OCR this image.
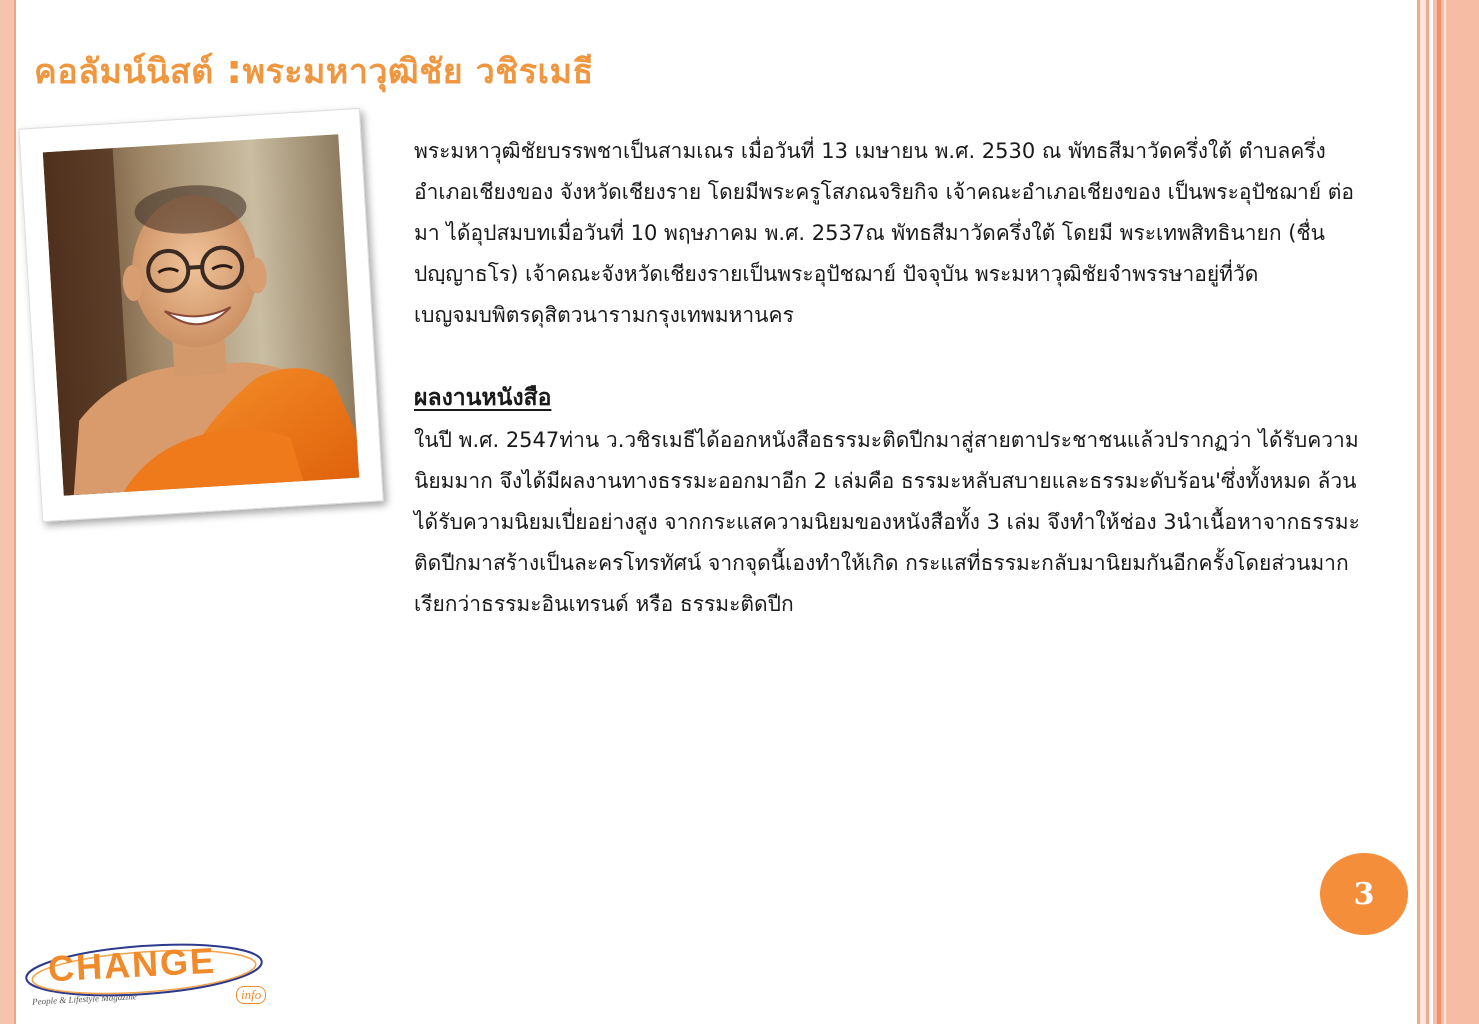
คอลัมน์นิสต์ :พระมหาวุฒิชัย วชิรเมธี

พระมหาวุฒิชัยบรรพชาเป็นสามเณร เมื่อวันที่ 13 เมษายน พ.ศ. 2530 ณ พัทธสีมาวัดครึ่งใต้ ตำบลครึ่ง อำเภอเชียงของ จังหวัดเชียงราย โดยมีพระครูโสภณจริยกิจ เจ้าคณะอำเภอเชียงของ เป็นพระอุปัชฌาย์ ต่อมา ได้อุปสมบทเมื่อวันที่ 10 พฤษภาคม พ.ศ. 2537ณ พัทธสีมาวัดครึ่งใต้ โดยมี พระเทพสิทธินายก (ชื่น ปญฺญาธโร) เจ้าคณะจังหวัดเชียงรายเป็นพระอุปัชฌาย์ ปัจจุบัน พระมหาวุฒิชัยจำพรรษาอยู่ที่วัดเบญจมบพิตรดุสิตวนารามกรุงเทพมหานคร

ผลงานหนังสือ

ในปี พ.ศ. 2547ท่าน ว.วชิรเมธีได้ออกหนังสือธรรมะติดปีกมาสู่สายตาประชาชนแล้วปรากฏว่า ได้รับความนิยมมาก จึงได้มีผลงานทางธรรมะออกมาอีก 2 เล่มคือ ธรรมะหลับสบายและธรรมะดับร้อน'ซึ่งทั้งหมด ล้วนได้รับความนิยมเปี่ยอย่างสูง จากกระแสความนิยมของหนังสือทั้ง 3 เล่ม จึงทำให้ช่อง 3นำเนื้อหาจากธรรมะติดปีกมาสร้างเป็นละครโทรทัศน์ จากจุดนี้เองทำให้เกิด กระแสที่ธรรมะกลับมานิยมกันอีกครั้งโดยส่วนมากเรียกว่าธรรมะอินเทรนด์ หรือ ธรรมะติดปีก

3
CHANGE
info
People & Lifestyle Magazine
